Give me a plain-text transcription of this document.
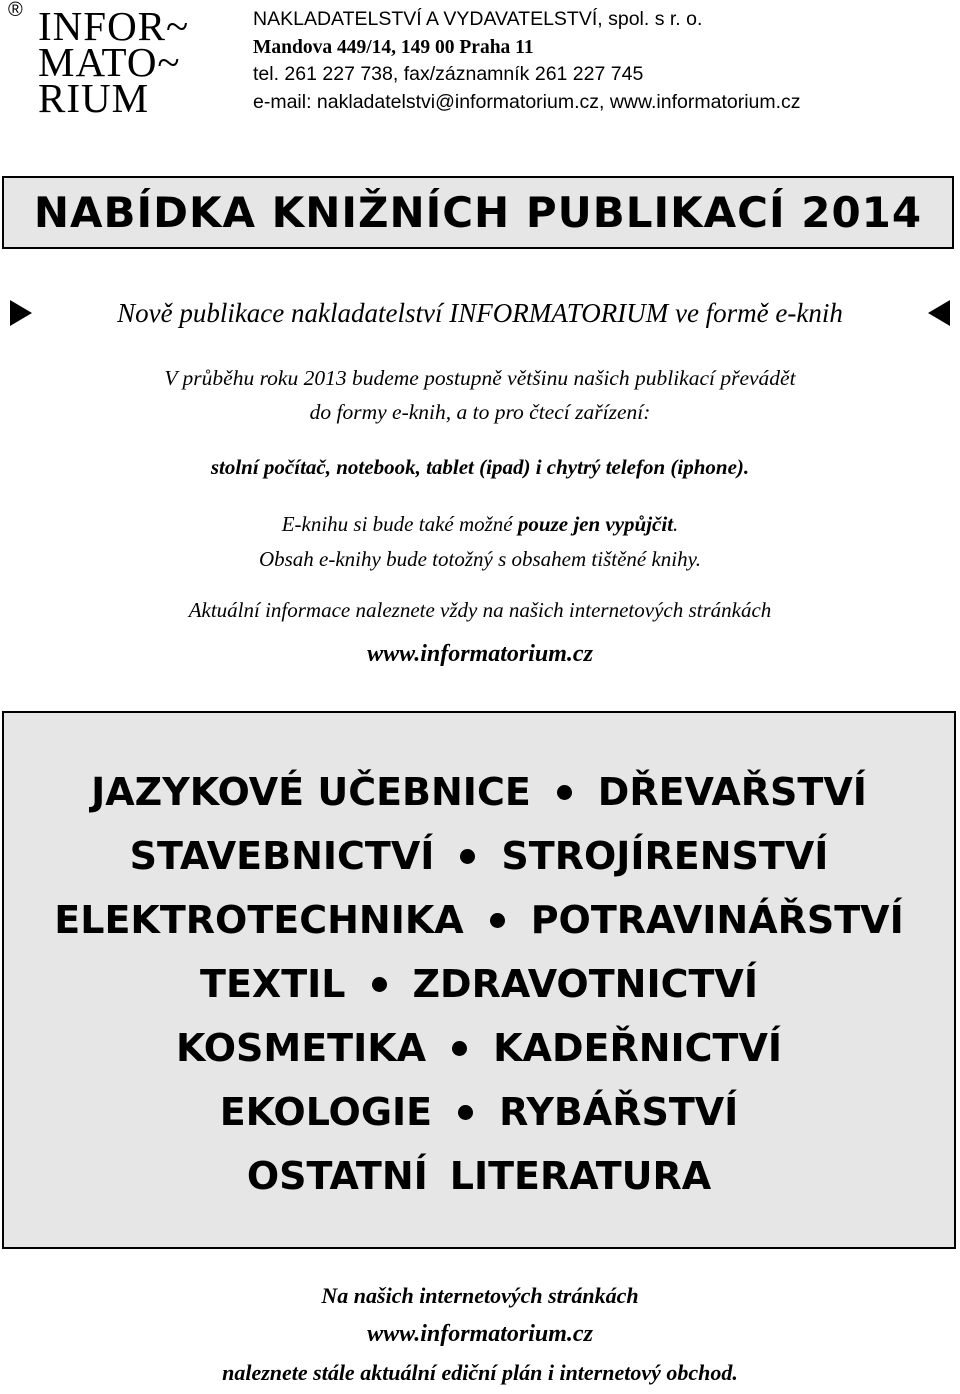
® INFOR~
MATO~
RIUM
NAKLADATELSTVÍ A VYDAVATELSTVÍ, spol. s r. o.
Mandova 449/14, 149 00 Praha 11
tel. 261 227 738, fax/záznamník 261 227 745
e-mail: nakladatelstvi@informatorium.cz, www.informatorium.cz
NABÍDKA KNIŽNÍCH PUBLIKACÍ 2014
Nově publikace nakladatelství INFORMATORIUM ve formě e-knih
V průběhu roku 2013 budeme postupně většinu našich publikací převádět
do formy e-knih, a to pro čtecí zařízení:
stolní počítač, notebook, tablet (ipad) i chytrý telefon (iphone).
E-knihu si bude také možné pouze jen vypůjčit.
Obsah e-knihy bude totožný s obsahem tištěné knihy.
Aktuální informace naleznete vždy na našich internetových stránkách
www.informatorium.cz
JAZYKOVÉ UČEBNICE DŘEVAŘSTVÍ
STAVEBNICTVÍ STROJÍRENSTVÍ
ELEKTROTECHNIKA POTRAVINÁŘSTVÍ
TEXTIL ZDRAVOTNICTVÍ
KOSMETIKA KADEŘNICTVÍ
EKOLOGIE RYBÁŘSTVÍ
OSTATNÍ LITERATURA
Na našich internetových stránkách
www.informatorium.cz
naleznete stále aktuální ediční plán i internetový obchod.
